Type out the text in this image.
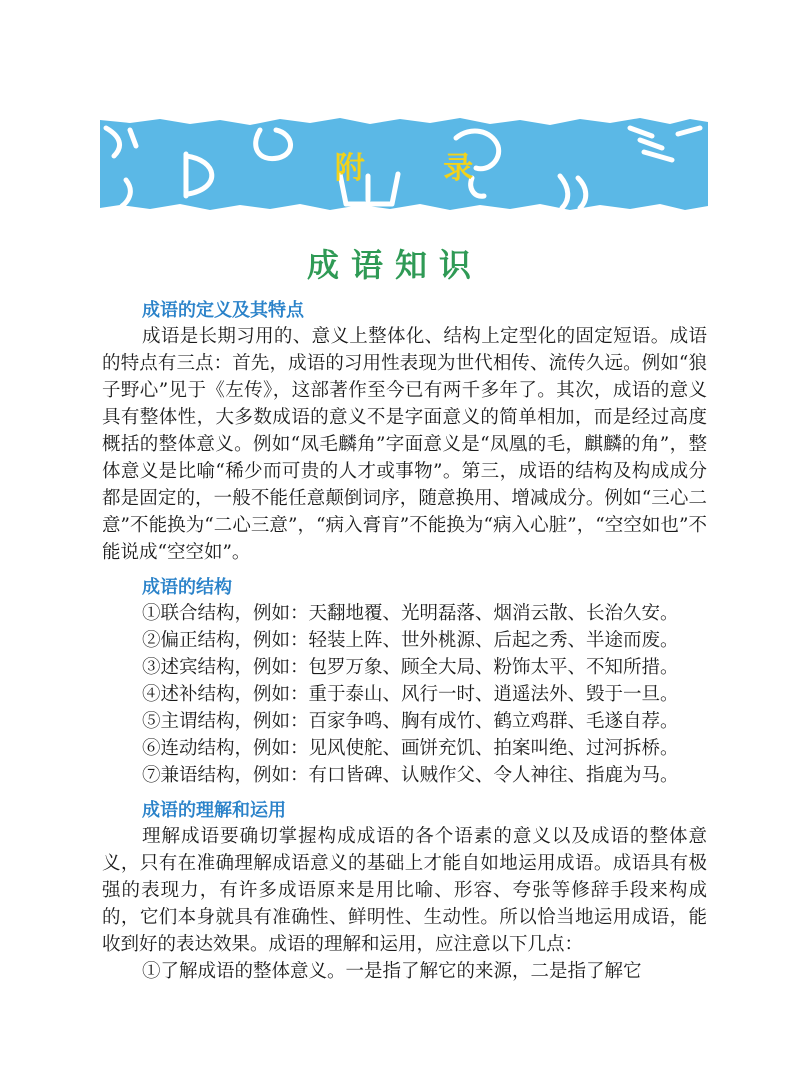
附 录
成语知识
成语的定义及其特点

成语是长期习用的、意义上整体化、结构上定型化的固定短语。成语的特点有三点：首先，成语的习用性表现为世代相传、流传久远。例如“狼子野心”见于《左传》，这部著作至今已有两千多年了。其次，成语的意义具有整体性，大多数成语的意义不是字面意义的简单相加，而是经过高度概括的整体意义。例如“凤毛麟角”字面意义是“凤凰的毛，麒麟的角”，整体意义是比喻“稀少而可贵的人才或事物”。第三，成语的结构及构成成分都是固定的，一般不能任意颠倒词序，随意换用、增减成分。例如“三心二意”不能换为“二心三意”，“病入膏肓”不能换为“病入心脏”，“空空如也”不能说成“空空如”。

成语的结构

①联合结构，例如：天翻地覆、光明磊落、烟消云散、长治久安。

②偏正结构，例如：轻装上阵、世外桃源、后起之秀、半途而废。

③述宾结构，例如：包罗万象、顾全大局、粉饰太平、不知所措。

④述补结构，例如：重于泰山、风行一时、逍遥法外、毁于一旦。

⑤主谓结构，例如：百家争鸣、胸有成竹、鹤立鸡群、毛遂自荐。

⑥连动结构，例如：见风使舵、画饼充饥、拍案叫绝、过河拆桥。

⑦兼语结构，例如：有口皆碑、认贼作父、令人神往、指鹿为马。

成语的理解和运用

理解成语要确切掌握构成成语的各个语素的意义以及成语的整体意义，只有在准确理解成语意义的基础上才能自如地运用成语。成语具有极强的表现力，有许多成语原来是用比喻、形容、夸张等修辞手段来构成的，它们本身就具有准确性、鲜明性、生动性。所以恰当地运用成语，能收到好的表达效果。成语的理解和运用，应注意以下几点：

①了解成语的整体意义。一是指了解它的来源，二是指了解它
